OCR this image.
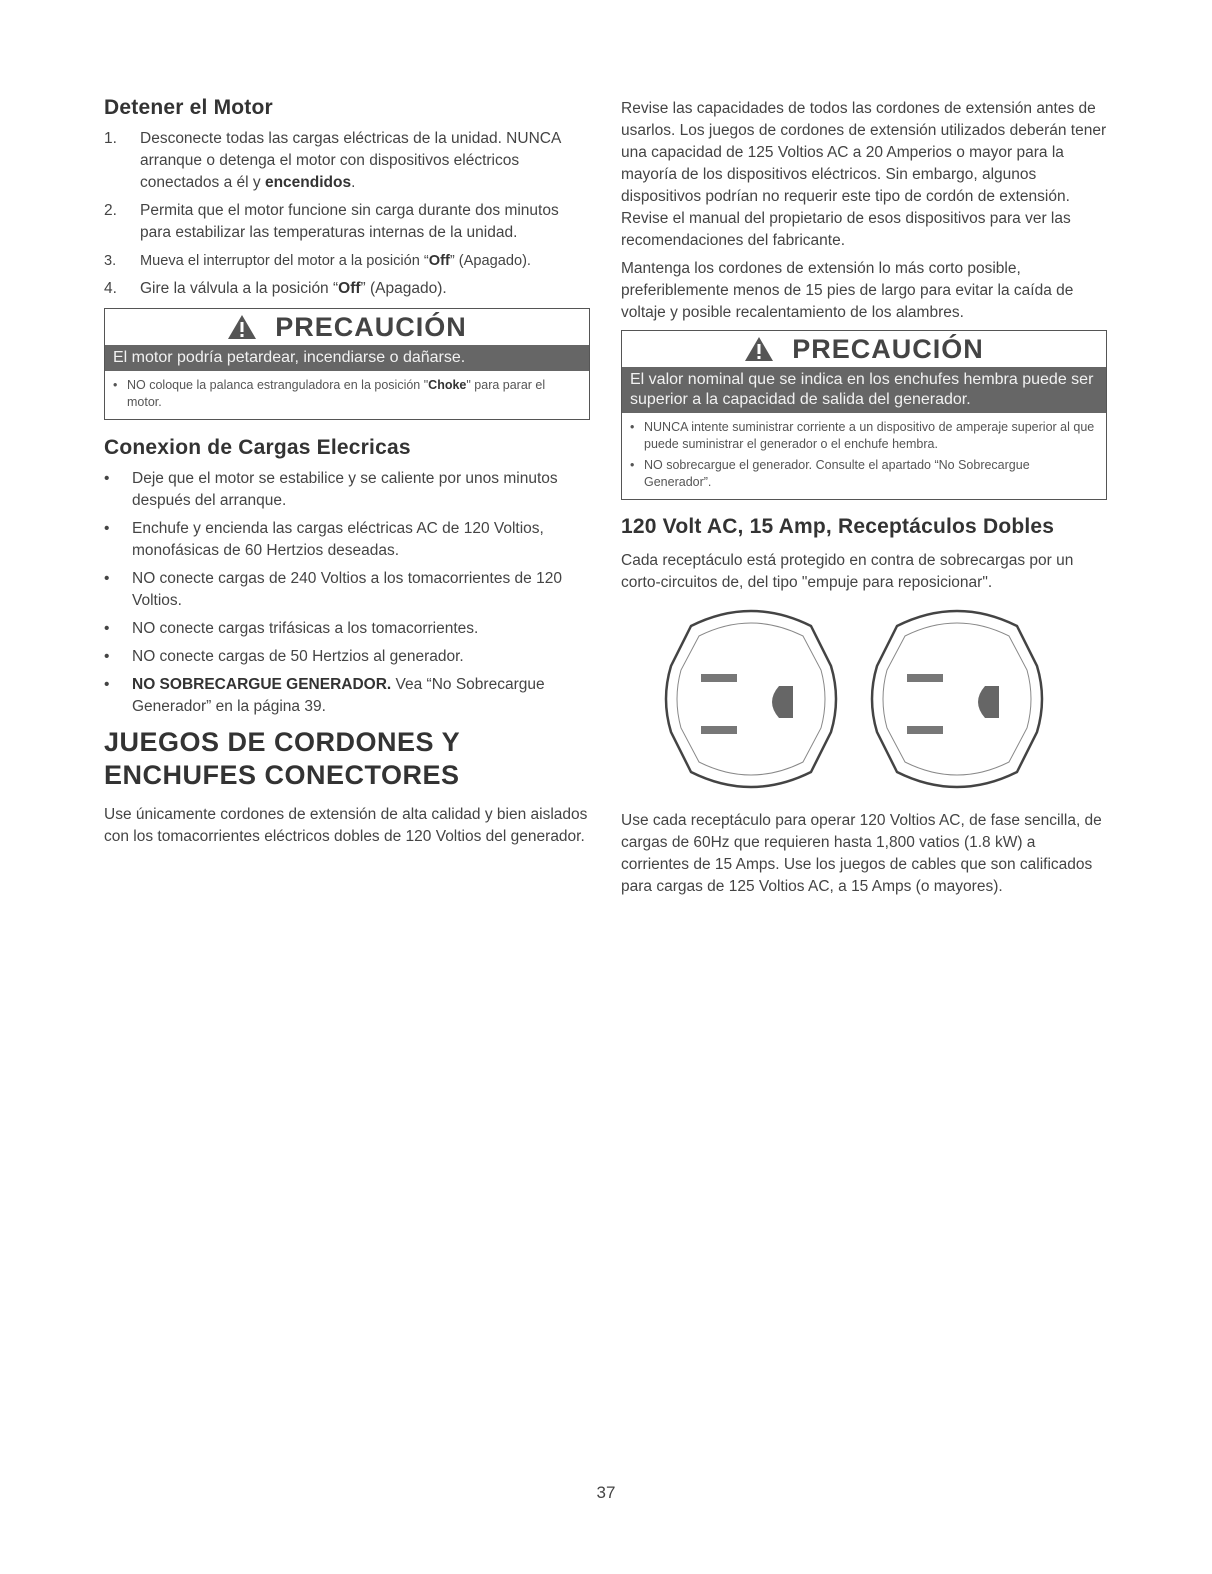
Detener el Motor
1. Desconecte todas las cargas eléctricas de la unidad. NUNCA arranque o detenga el motor con dispositivos eléctricos conectados a él y encendidos.
2. Permita que el motor funcione sin carga durante dos minutos para estabilizar las temperaturas internas de la unidad.
3. Mueva el interruptor del motor a la posición “Off” (Apagado).
4. Gire la válvula a la posición “Off” (Apagado).
PRECAUCIÓN
El motor podría petardear, incendiarse o dañarse.
• NO coloque la palanca estranguladora en la posición "Choke" para parar el motor.
Conexion de Cargas Elecricas
• Deje que el motor se estabilice y se caliente por unos minutos después del arranque.
• Enchufe y encienda las cargas eléctricas AC de 120 Voltios, monofásicas de 60 Hertzios deseadas.
• NO conecte cargas de 240 Voltios a los tomacorrientes de 120 Voltios.
• NO conecte cargas trifásicas a los tomacorrientes.
• NO conecte cargas de 50 Hertzios al generador.
• NO SOBRECARGUE GENERADOR. Vea “No Sobrecargue Generador” en la página 39.
JUEGOS DE CORDONES Y
ENCHUFES CONECTORES

Use únicamente cordones de extensión de alta calidad y bien aislados con los tomacorrientes eléctricos dobles de 120 Voltios del generador.

Revise las capacidades de todos las cordones de extensión antes de usarlos. Los juegos de cordones de extensión utilizados deberán tener una capacidad de 125 Voltios AC a 20 Amperios o mayor para la mayoría de los dispositivos eléctricos. Sin embargo, algunos dispositivos podrían no requerir este tipo de cordón de extensión. Revise el manual del propietario de esos dispositivos para ver las recomendaciones del fabricante.

Mantenga los cordones de extensión lo más corto posible, preferiblemente menos de 15 pies de largo para evitar la caída de voltaje y posible recalentamiento de los alambres.

PRECAUCIÓN
El valor nominal que se indica en los enchufes hembra puede ser superior a la capacidad de salida del generador.
• NUNCA intente suministrar corriente a un dispositivo de amperaje superior al que puede suministrar el generador o el enchufe hembra.
• NO sobrecargue el generador. Consulte el apartado “No Sobrecargue Generador”.
120 Volt AC, 15 Amp, Receptáculos Dobles

Cada receptáculo está protegido en contra de sobrecargas por un corto-circuitos de, del tipo "empuje para reposicionar".

Use cada receptáculo para operar 120 Voltios AC, de fase sencilla, de cargas de 60Hz que requieren hasta 1,800 vatios (1.8 kW) a corrientes de 15 Amps. Use los juegos de cables que son calificados para cargas de 125 Voltios AC, a 15 Amps (o mayores).

37
